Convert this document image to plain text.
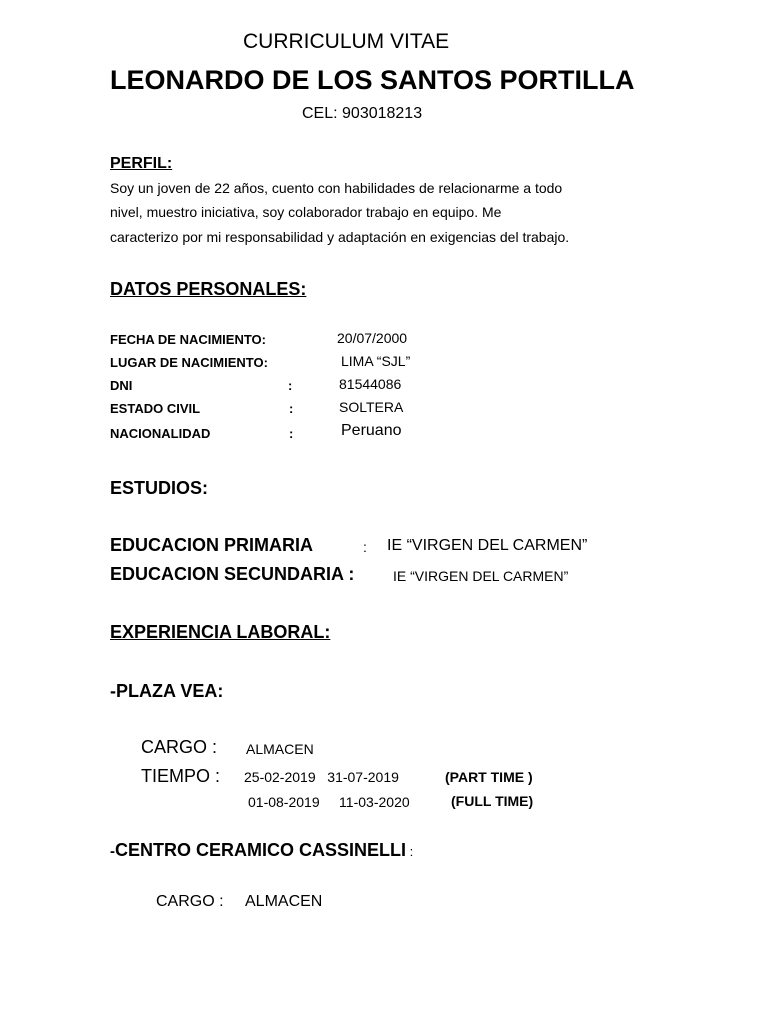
CURRICULUM VITAE
LEONARDO DE LOS SANTOS PORTILLA
CEL: 903018213
PERFIL:
Soy un joven de 22 años, cuento con habilidades de relacionarme a todo
nivel, muestro iniciativa, soy colaborador trabajo en equipo. Me
caracterizo por mi responsabilidad y adaptación en exigencias del trabajo.
DATOS PERSONALES:
FECHA DE NACIMIENTO:	20/07/2000
LUGAR DE NACIMIENTO:	LIMA “SJL”
DNI	:	81544086
ESTADO CIVIL	:	SOLTERA
NACIONALIDAD	:	Peruano
ESTUDIOS:
EDUCACION PRIMARIA	: IE “VIRGEN DEL CARMEN”
EDUCACION SECUNDARIA :	IE “VIRGEN DEL CARMEN”
EXPERIENCIA LABORAL:
-PLAZA VEA:
CARGO : ALMACEN
TIEMPO : 25-02-2019   31-07-2019	(PART TIME )
01-08-2019     11-03-2020	(FULL TIME)
-CENTRO CERAMICO CASSINELLI :
CARGO : ALMACEN
